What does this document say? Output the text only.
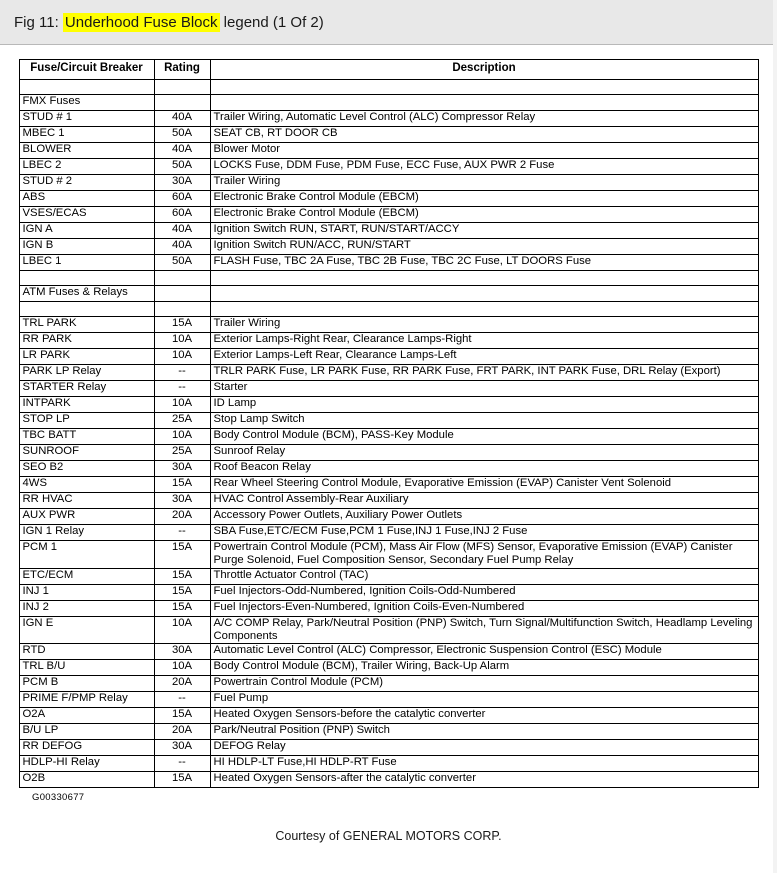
Fig 11: Underhood Fuse Block legend (1 Of 2)
Fuse/Circuit Breaker	Rating	Description

FMX Fuses		
STUD # 1	40A	Trailer Wiring, Automatic Level Control (ALC) Compressor Relay
MBEC 1	50A	SEAT CB, RT DOOR CB
BLOWER	40A	Blower Motor
LBEC 2	50A	LOCKS Fuse, DDM Fuse, PDM Fuse, ECC Fuse, AUX PWR 2 Fuse
STUD # 2	30A	Trailer Wiring
ABS	60A	Electronic Brake Control Module (EBCM)
VSES/ECAS	60A	Electronic Brake Control Module (EBCM)
IGN A	40A	Ignition Switch RUN, START, RUN/START/ACCY
IGN B	40A	Ignition Switch RUN/ACC, RUN/START
LBEC 1	50A	FLASH Fuse, TBC 2A Fuse, TBC 2B Fuse, TBC 2C Fuse, LT DOORS Fuse

ATM Fuses & Relays		

TRL PARK	15A	Trailer Wiring
RR PARK	10A	Exterior Lamps-Right Rear, Clearance Lamps-Right
LR PARK	10A	Exterior Lamps-Left Rear, Clearance Lamps-Left
PARK LP Relay	--	TRLR PARK Fuse, LR PARK Fuse, RR PARK Fuse, FRT PARK, INT PARK Fuse, DRL Relay (Export)
STARTER Relay	--	Starter
INTPARK	10A	ID Lamp
STOP LP	25A	Stop Lamp Switch
TBC BATT	10A	Body Control Module (BCM), PASS-Key Module
SUNROOF	25A	Sunroof Relay
SEO B2	30A	Roof Beacon Relay
4WS	15A	Rear Wheel Steering Control Module, Evaporative Emission (EVAP) Canister Vent Solenoid
RR HVAC	30A	HVAC Control Assembly-Rear Auxiliary
AUX PWR	20A	Accessory Power Outlets, Auxiliary Power Outlets
IGN 1 Relay	--	SBA Fuse,ETC/ECM Fuse,PCM 1 Fuse,INJ 1 Fuse,INJ 2 Fuse
PCM 1	15A	Powertrain Control Module (PCM), Mass Air Flow (MFS) Sensor, Evaporative Emission (EVAP) Canister Purge Solenoid, Fuel Composition Sensor, Secondary Fuel Pump Relay
ETC/ECM	15A	Throttle Actuator Control (TAC)
INJ 1	15A	Fuel Injectors-Odd-Numbered, Ignition Coils-Odd-Numbered
INJ 2	15A	Fuel Injectors-Even-Numbered, Ignition Coils-Even-Numbered
IGN E	10A	A/C COMP Relay, Park/Neutral Position (PNP) Switch, Turn Signal/Multifunction Switch, Headlamp Leveling Components
RTD	30A	Automatic Level Control (ALC) Compressor, Electronic Suspension Control (ESC) Module
TRL B/U	10A	Body Control Module (BCM), Trailer Wiring, Back-Up Alarm
PCM B	20A	Powertrain Control Module (PCM)
PRIME F/PMP Relay	--	Fuel Pump
O2A	15A	Heated Oxygen Sensors-before the catalytic converter
B/U LP	20A	Park/Neutral Position (PNP) Switch
RR DEFOG	30A	DEFOG Relay
HDLP-HI Relay	--	HI HDLP-LT Fuse,HI HDLP-RT Fuse
O2B	15A	Heated Oxygen Sensors-after the catalytic converter
G00330677
Courtesy of GENERAL MOTORS CORP.
